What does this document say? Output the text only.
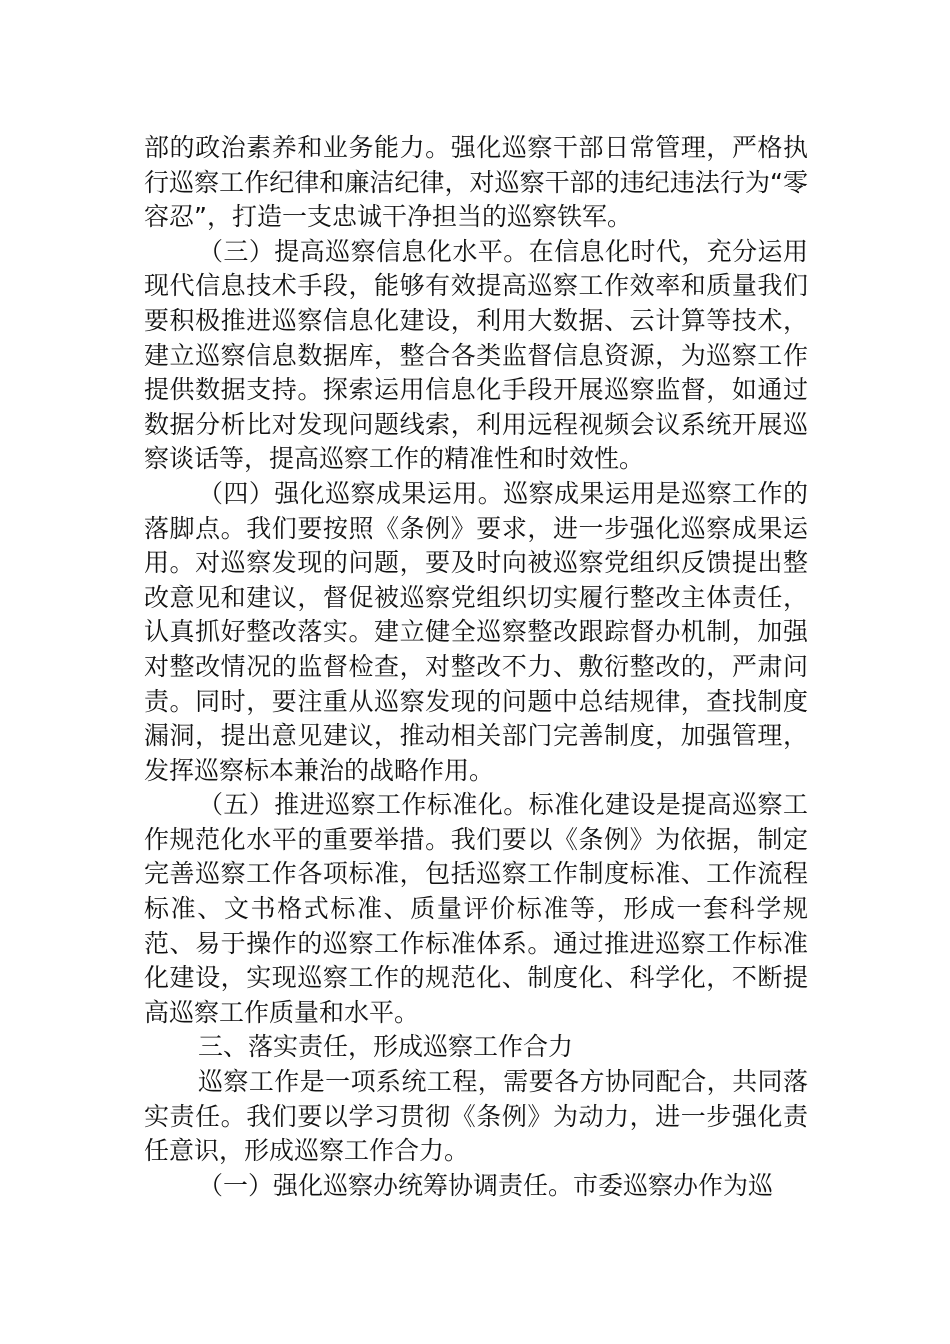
部的政治素养和业务能力。强化巡察干部日常管理，严格执行巡察工作纪律和廉洁纪律，对巡察干部的违纪违法行为“零容忍”，打造一支忠诚干净担当的巡察铁军。

（三）提高巡察信息化水平。在信息化时代，充分运用现代信息技术手段，能够有效提高巡察工作效率和质量我们要积极推进巡察信息化建设，利用大数据、云计算等技术，建立巡察信息数据库，整合各类监督信息资源，为巡察工作提供数据支持。探索运用信息化手段开展巡察监督，如通过数据分析比对发现问题线索，利用远程视频会议系统开展巡察谈话等，提高巡察工作的精准性和时效性。

（四）强化巡察成果运用。巡察成果运用是巡察工作的落脚点。我们要按照《条例》要求，进一步强化巡察成果运用。对巡察发现的问题，要及时向被巡察党组织反馈提出整改意见和建议，督促被巡察党组织切实履行整改主体责任，认真抓好整改落实。建立健全巡察整改跟踪督办机制，加强对整改情况的监督检查，对整改不力、敷衍整改的，严肃问责。同时，要注重从巡察发现的问题中总结规律，查找制度漏洞，提出意见建议，推动相关部门完善制度，加强管理，发挥巡察标本兼治的战略作用。

（五）推进巡察工作标准化。标准化建设是提高巡察工作规范化水平的重要举措。我们要以《条例》为依据，制定完善巡察工作各项标准，包括巡察工作制度标准、工作流程标准、文书格式标准、质量评价标准等，形成一套科学规范、易于操作的巡察工作标准体系。通过推进巡察工作标准化建设，实现巡察工作的规范化、制度化、科学化，不断提高巡察工作质量和水平。

三、落实责任，形成巡察工作合力

巡察工作是一项系统工程，需要各方协同配合，共同落实责任。我们要以学习贯彻《条例》为动力，进一步强化责任意识，形成巡察工作合力。

（一）强化巡察办统筹协调责任。市委巡察办作为巡
